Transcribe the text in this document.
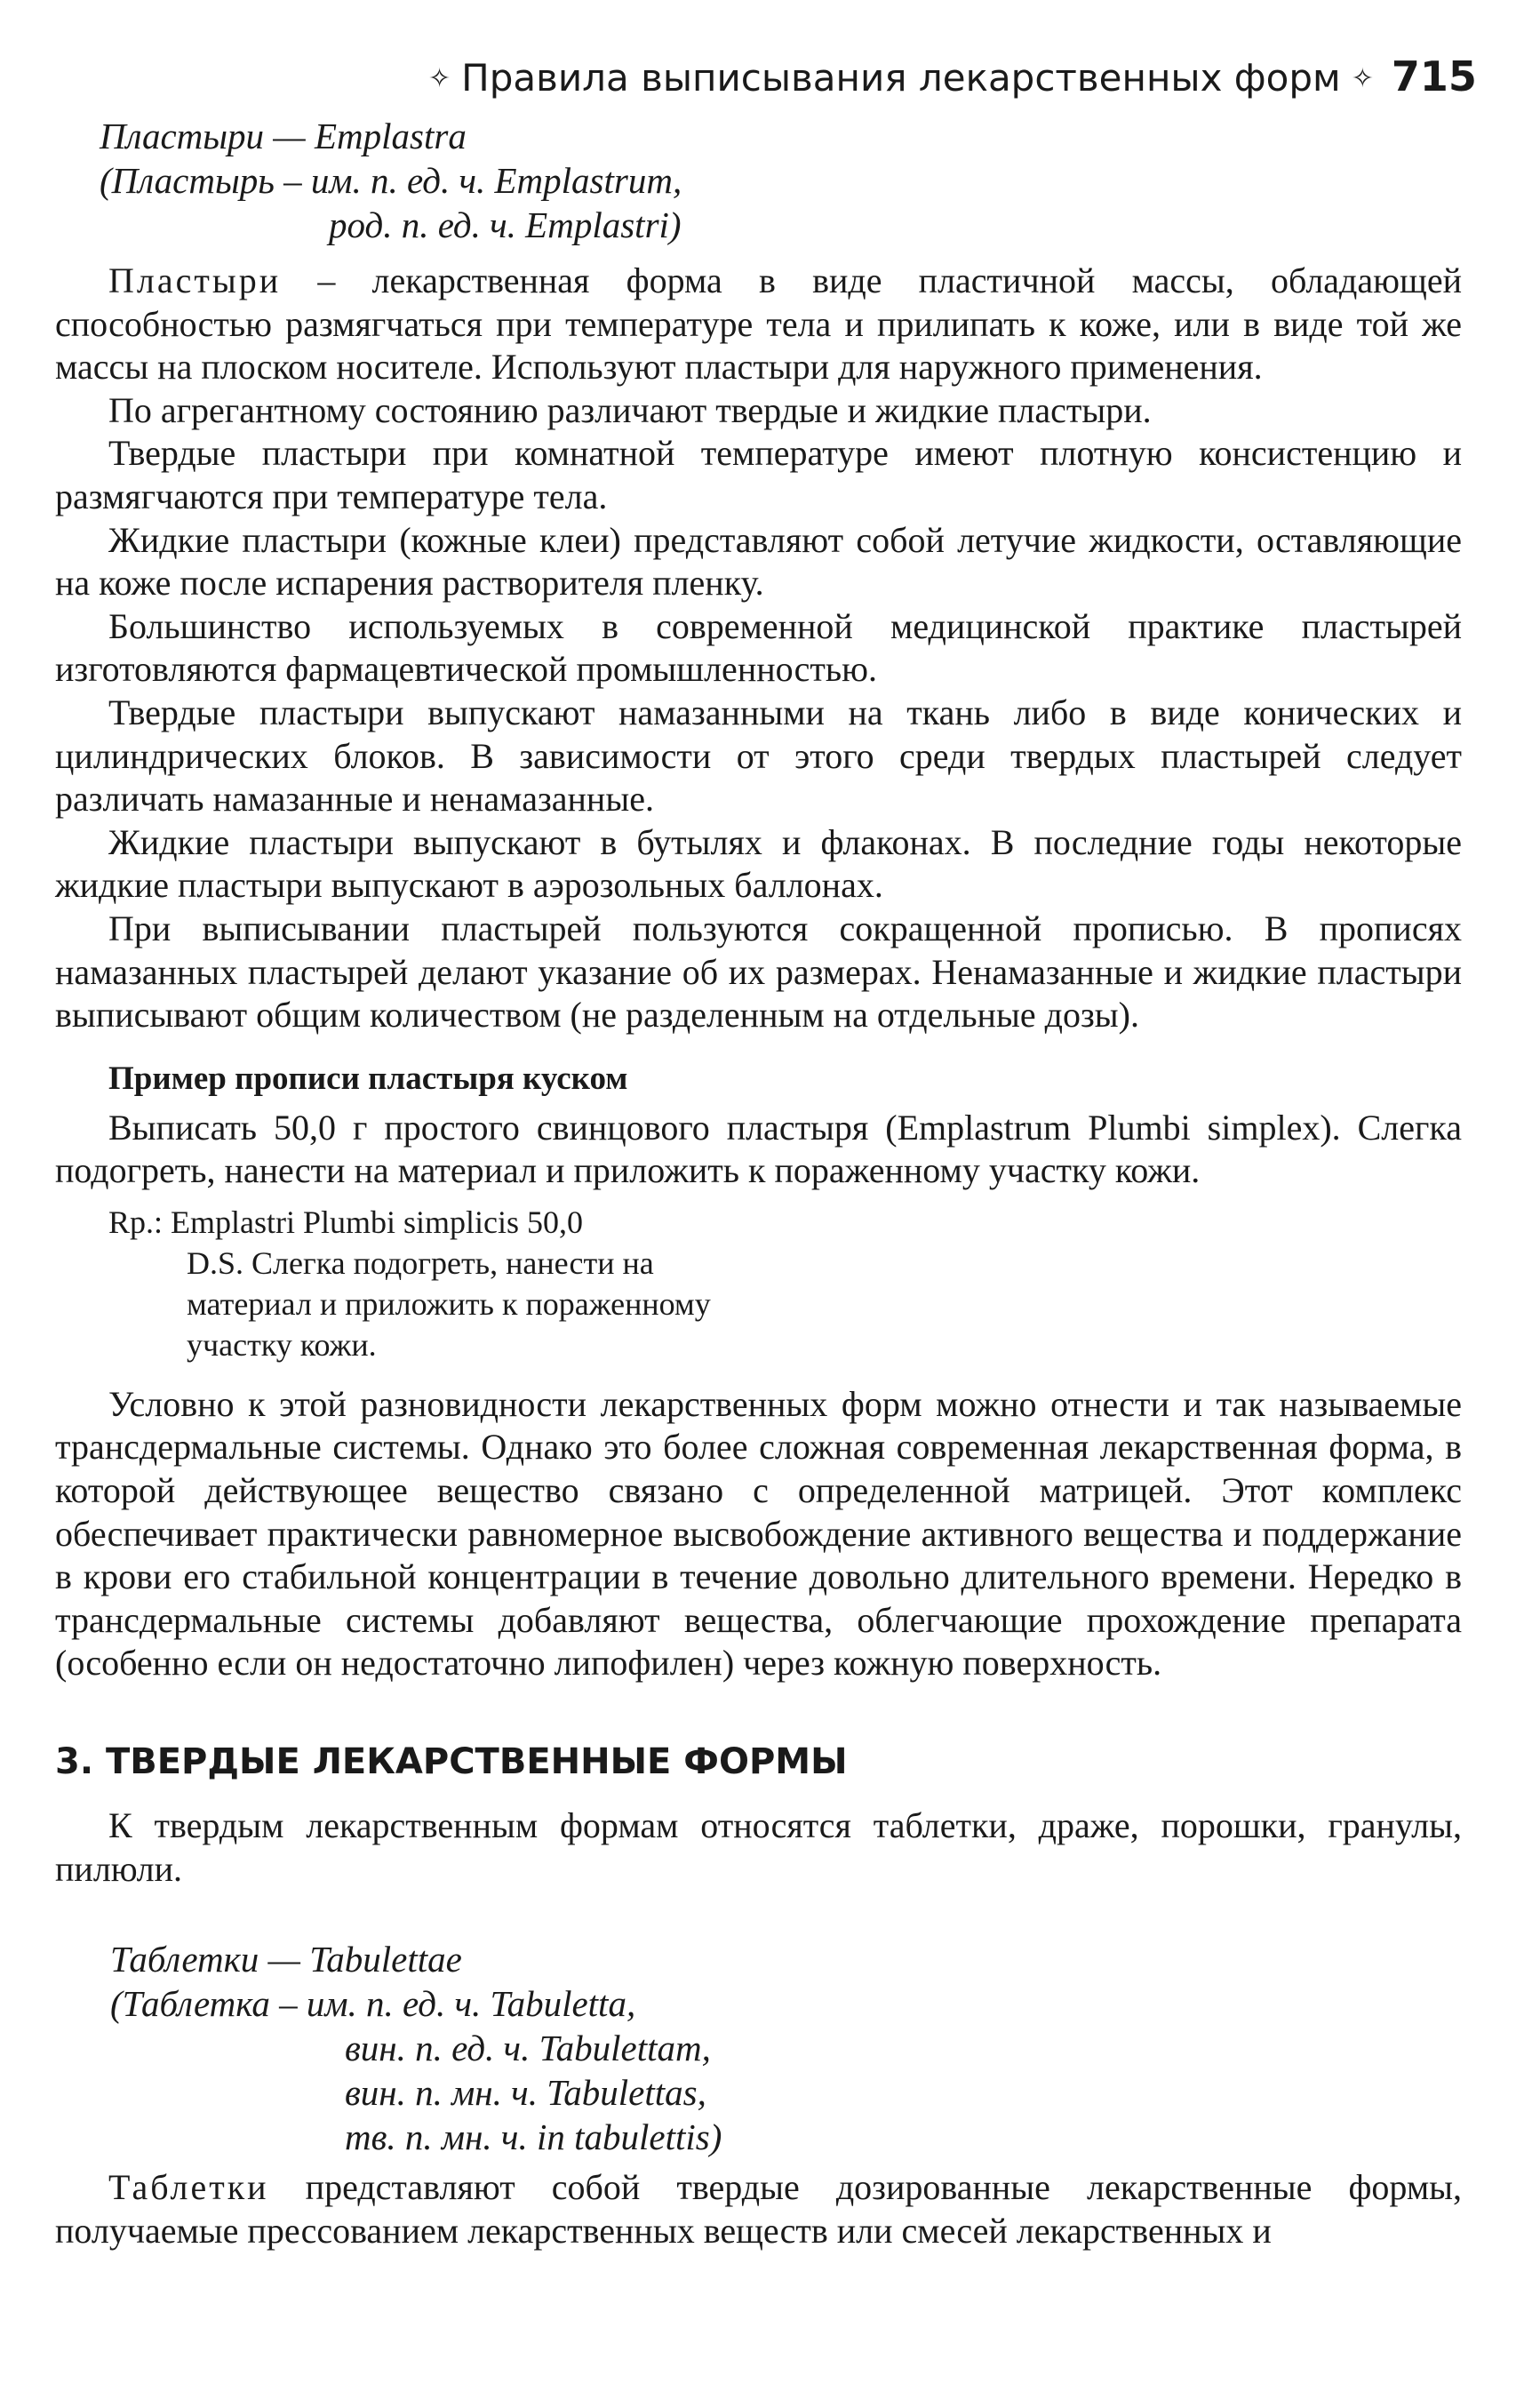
✧ Правила выписывания лекарственных форм ✧ 715

Пластыри — Emplastra

(Пластырь – им. п. ед. ч. Emplastrum,

род. п. ед. ч. Emplastri)

Пластыри – лекарственная форма в виде пластичной массы, обладающей способностью размягчаться при температуре тела и прилипать к коже, или в виде той же массы на плоском носителе. Используют пластыри для наружного применения.

По агрегантному состоянию различают твердые и жидкие пластыри.

Твердые пластыри при комнатной температуре имеют плотную консистенцию и размягчаются при температуре тела.

Жидкие пластыри (кожные клеи) представляют собой летучие жидкости, оставляющие на коже после испарения растворителя пленку.

Большинство используемых в современной медицинской практике пластырей изготовляются фармацевтической промышленностью.

Твердые пластыри выпускают намазанными на ткань либо в виде конических и цилиндрических блоков. В зависимости от этого среди твердых пластырей следует различать намазанные и ненамазанные.

Жидкие пластыри выпускают в бутылях и флаконах. В последние годы некоторые жидкие пластыри выпускают в аэрозольных баллонах.

При выписывании пластырей пользуются сокращенной прописью. В прописях намазанных пластырей делают указание об их размерах. Ненамазанные и жидкие пластыри выписывают общим количеством (не разделенным на отдельные дозы).

Пример прописи пластыря куском

Выписать 50,0 г простого свинцового пластыря (Emplastrum Plumbi simplex). Слегка подогреть, нанести на материал и приложить к пораженному участку кожи.

Rp.: Emplastri Plumbi simplicis 50,0

D.S. Слегка подогреть, нанести на

материал и приложить к пораженному

участку кожи.

Условно к этой разновидности лекарственных форм можно отнести и так называемые трансдермальные системы. Однако это более сложная современная лекарственная форма, в которой действующее вещество связано с определенной матрицей. Этот комплекс обеспечивает практически равномерное высвобождение активного вещества и поддержание в крови его стабильной концентрации в течение довольно длительного времени. Нередко в трансдермальные системы добавляют вещества, облегчающие прохождение препарата (особенно если он недостаточно липофилен) через кожную поверхность.

3. ТВЕРДЫЕ ЛЕКАРСТВЕННЫЕ ФОРМЫ

К твердым лекарственным формам относятся таблетки, драже, порошки, гранулы, пилюли.

Таблетки — Tabulettae

(Таблетка – им. п. ед. ч. Tabuletta,

вин. п. ед. ч. Tabulettam,

вин. п. мн. ч. Tabulettas,

тв. п. мн. ч. in tabulettis)

Таблетки представляют собой твердые дозированные лекарственные формы, получаемые прессованием лекарственных веществ или смесей лекарственных и
